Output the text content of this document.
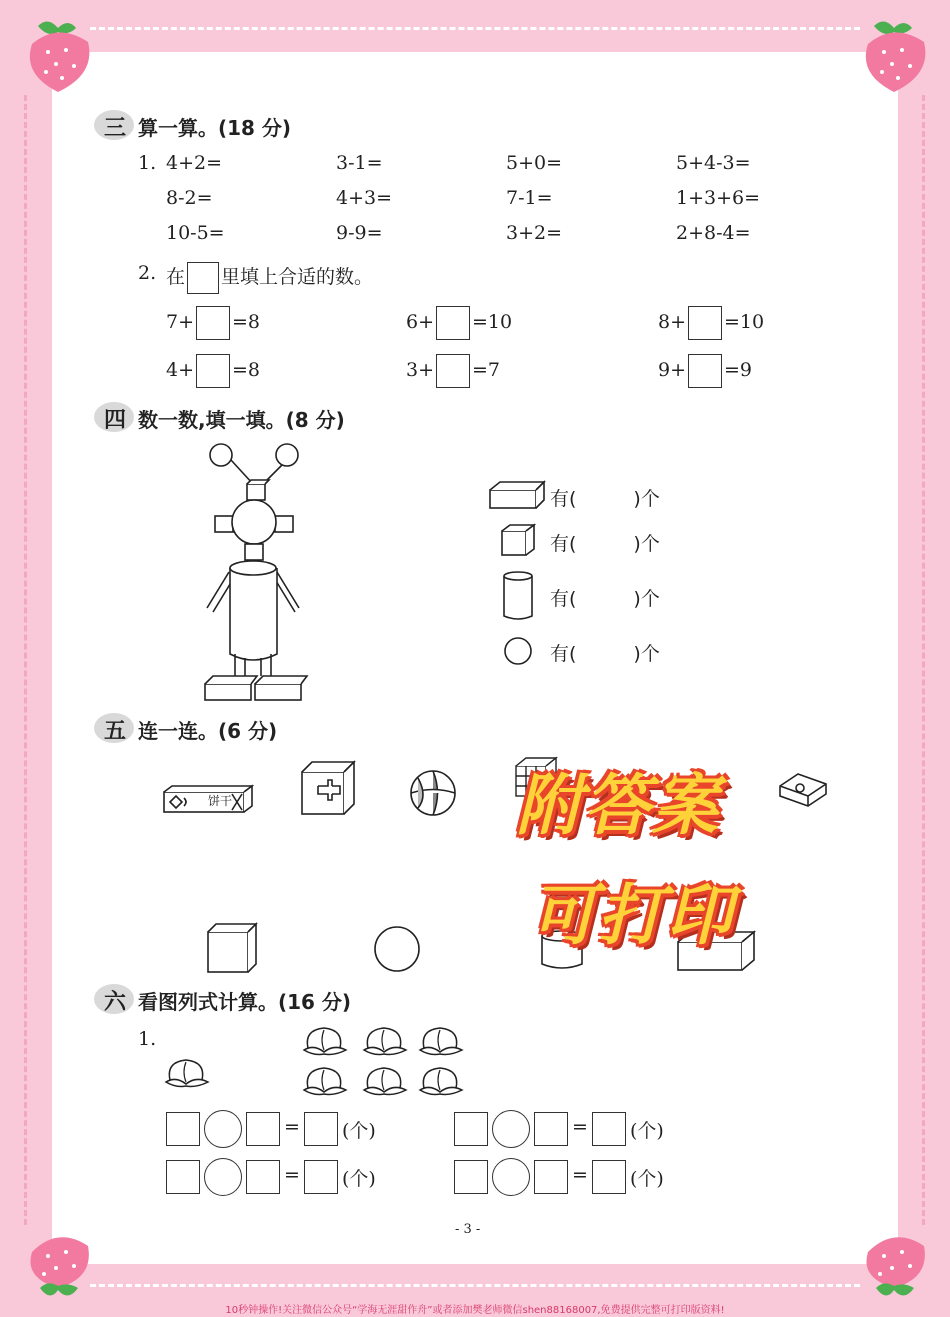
三 算一算。(18 分)
1. 4+2=	3-1=	5+0=	5+4-3=
8-2=	4+3=	7-1=	1+3+6=
10-5=	9-9=	3+2=	2+8-4=
2. 在 里填上合适的数。
7+ =8	6+ =10	8+ =10
4+ =8	3+ =7	9+ =9
四 数一数,填一填。(8 分)
有(　　　)个
有(　　　)个
有(　　　)个
有(　　　)个
五 连一连。(6 分)
饼干	附答案
可打印
六 看图列式计算。(16 分)
1.
= (个)	= (个)
= (个)	= (个)
- 3 -
10秒钟操作!关注微信公众号“学海无涯甜作舟”或者添加樊老师微信shen88168007,免费提供完整可打印版资料!
